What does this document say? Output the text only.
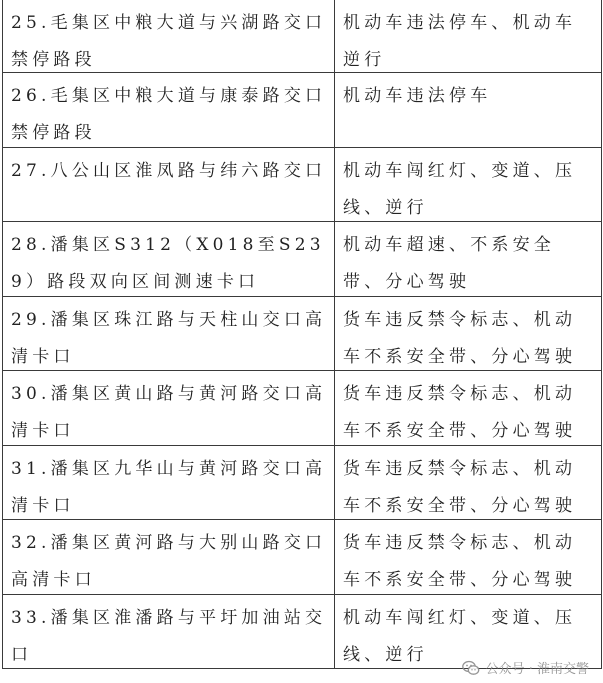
25.毛集区中粮大道与兴湖路交口禁停路段
机动车违法停车、机动车逆行
26.毛集区中粮大道与康泰路交口禁停路段
机动车违法停车
27.八公山区淮凤路与纬六路交口 机动车闯红灯、变道、压线、逆行
28.潘集区S312（X018至S239）路段双向区间测速卡口
机动车超速、不系安全带、分心驾驶
29.潘集区珠江路与天柱山交口高清卡口
货车违反禁令标志、机动车不系安全带、分心驾驶
30.潘集区黄山路与黄河路交口高清卡口
货车违反禁令标志、机动车不系安全带、分心驾驶
31.潘集区九华山与黄河路交口高清卡口
货车违反禁令标志、机动车不系安全带、分心驾驶
32.潘集区黄河路与大别山路交口高清卡口
货车违反禁令标志、机动车不系安全带、分心驾驶
33.潘集区淮潘路与平圩加油站交口
机动车闯红灯、变道、压线、逆行
公众号 · 淮南交警
